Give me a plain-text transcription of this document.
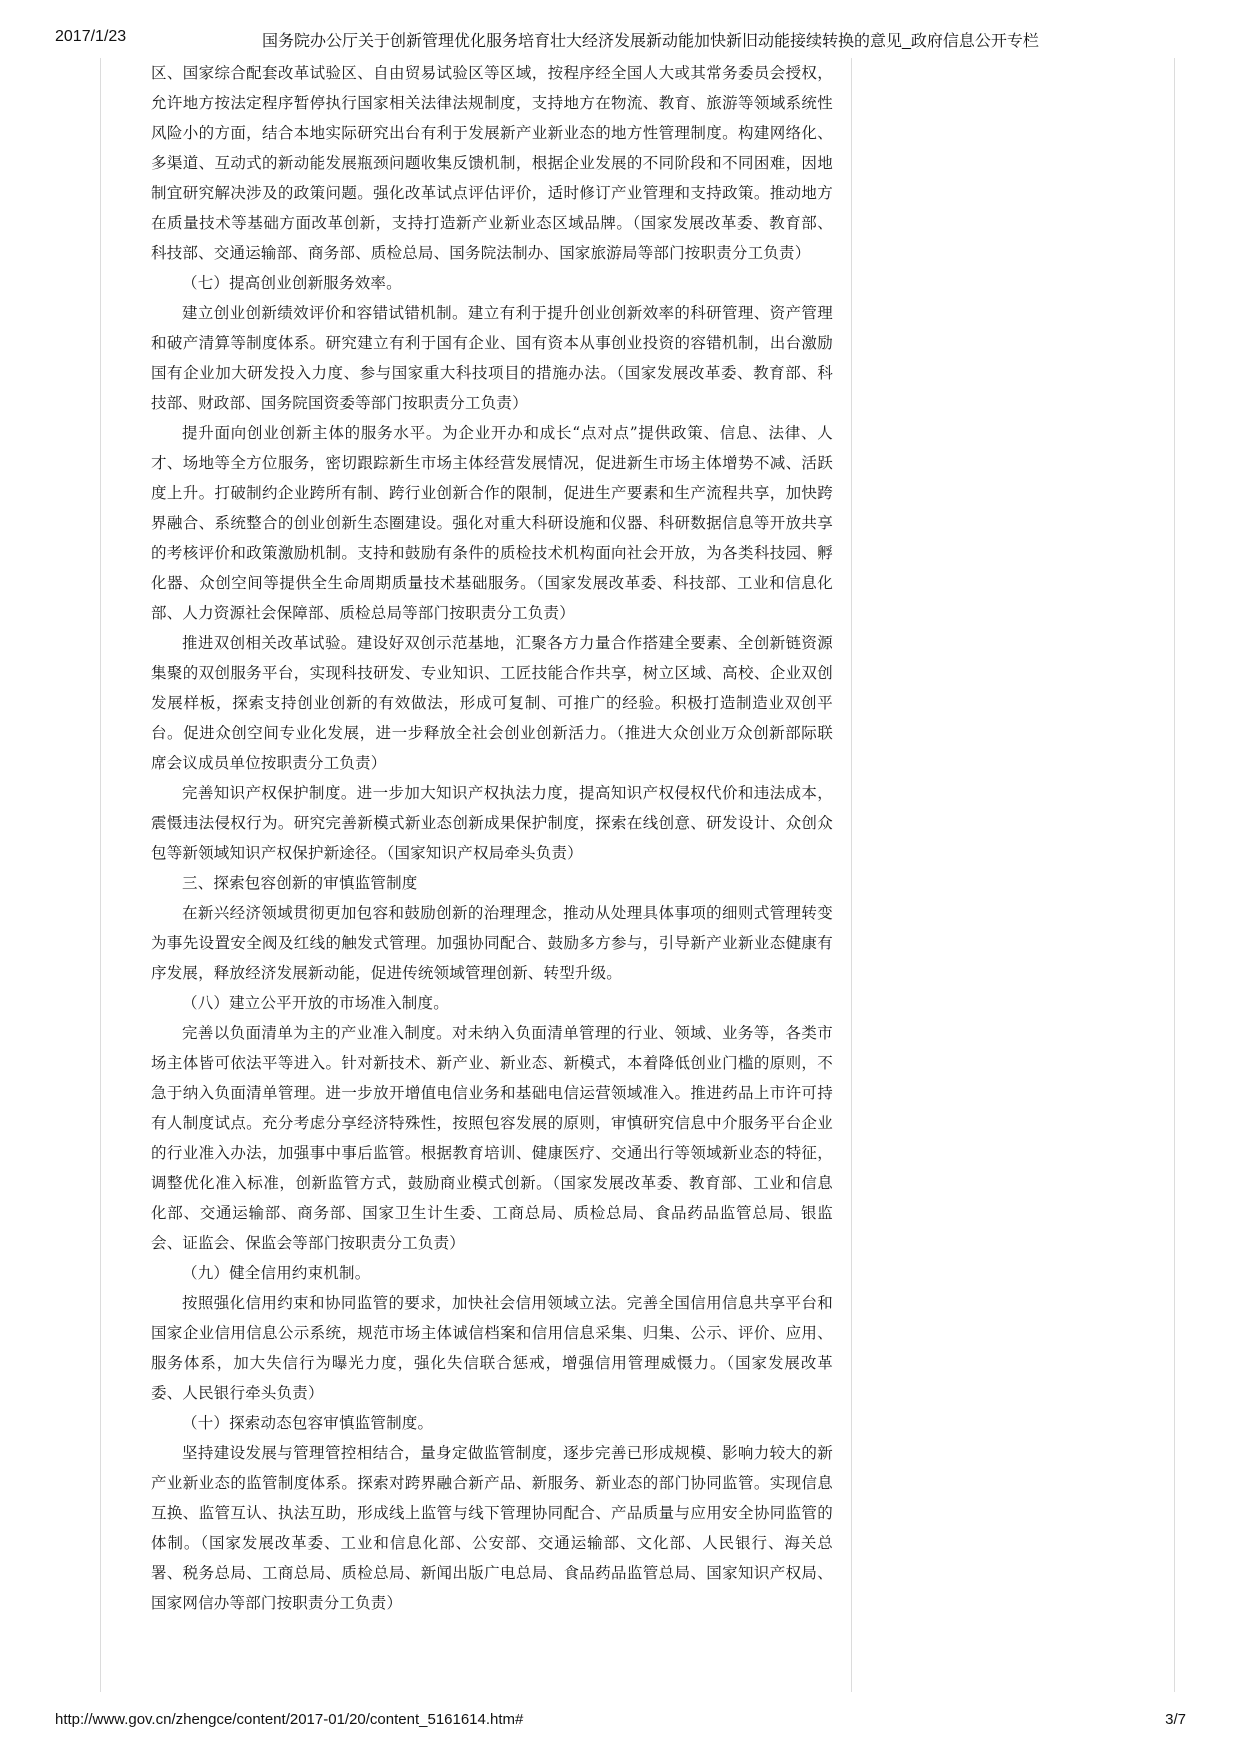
2017/1/23	国务院办公厅关于创新管理优化服务培育壮大经济发展新动能加快新旧动能接续转换的意见_政府信息公开专栏

区、国家综合配套改革试验区、自由贸易试验区等区域，按程序经全国人大或其常务委员会授权，允许地方按法定程序暂停执行国家相关法律法规制度，支持地方在物流、教育、旅游等领域系统性风险小的方面，结合本地实际研究出台有利于发展新产业新业态的地方性管理制度。构建网络化、多渠道、互动式的新动能发展瓶颈问题收集反馈机制，根据企业发展的不同阶段和不同困难，因地制宜研究解决涉及的政策问题。强化改革试点评估评价，适时修订产业管理和支持政策。推动地方在质量技术等基础方面改革创新，支持打造新产业新业态区域品牌。（国家发展改革委、教育部、科技部、交通运输部、商务部、质检总局、国务院法制办、国家旅游局等部门按职责分工负责）

（七）提高创业创新服务效率。

建立创业创新绩效评价和容错试错机制。建立有利于提升创业创新效率的科研管理、资产管理和破产清算等制度体系。研究建立有利于国有企业、国有资本从事创业投资的容错机制，出台激励国有企业加大研发投入力度、参与国家重大科技项目的措施办法。（国家发展改革委、教育部、科技部、财政部、国务院国资委等部门按职责分工负责）

提升面向创业创新主体的服务水平。为企业开办和成长“点对点”提供政策、信息、法律、人才、场地等全方位服务，密切跟踪新生市场主体经营发展情况，促进新生市场主体增势不减、活跃度上升。打破制约企业跨所有制、跨行业创新合作的限制，促进生产要素和生产流程共享，加快跨界融合、系统整合的创业创新生态圈建设。强化对重大科研设施和仪器、科研数据信息等开放共享的考核评价和政策激励机制。支持和鼓励有条件的质检技术机构面向社会开放，为各类科技园、孵化器、众创空间等提供全生命周期质量技术基础服务。（国家发展改革委、科技部、工业和信息化部、人力资源社会保障部、质检总局等部门按职责分工负责）

推进双创相关改革试验。建设好双创示范基地，汇聚各方力量合作搭建全要素、全创新链资源集聚的双创服务平台，实现科技研发、专业知识、工匠技能合作共享，树立区域、高校、企业双创发展样板，探索支持创业创新的有效做法，形成可复制、可推广的经验。积极打造制造业双创平台。促进众创空间专业化发展，进一步释放全社会创业创新活力。（推进大众创业万众创新部际联席会议成员单位按职责分工负责）

完善知识产权保护制度。进一步加大知识产权执法力度，提高知识产权侵权代价和违法成本，震慑违法侵权行为。研究完善新模式新业态创新成果保护制度，探索在线创意、研发设计、众创众包等新领域知识产权保护新途径。（国家知识产权局牵头负责）

三、探索包容创新的审慎监管制度

在新兴经济领域贯彻更加包容和鼓励创新的治理理念，推动从处理具体事项的细则式管理转变为事先设置安全阀及红线的触发式管理。加强协同配合、鼓励多方参与，引导新产业新业态健康有序发展，释放经济发展新动能，促进传统领域管理创新、转型升级。

（八）建立公平开放的市场准入制度。

完善以负面清单为主的产业准入制度。对未纳入负面清单管理的行业、领域、业务等，各类市场主体皆可依法平等进入。针对新技术、新产业、新业态、新模式，本着降低创业门槛的原则，不急于纳入负面清单管理。进一步放开增值电信业务和基础电信运营领域准入。推进药品上市许可持有人制度试点。充分考虑分享经济特殊性，按照包容发展的原则，审慎研究信息中介服务平台企业的行业准入办法，加强事中事后监管。根据教育培训、健康医疗、交通出行等领域新业态的特征，调整优化准入标准，创新监管方式，鼓励商业模式创新。（国家发展改革委、教育部、工业和信息化部、交通运输部、商务部、国家卫生计生委、工商总局、质检总局、食品药品监管总局、银监会、证监会、保监会等部门按职责分工负责）

（九）健全信用约束机制。

按照强化信用约束和协同监管的要求，加快社会信用领域立法。完善全国信用信息共享平台和国家企业信用信息公示系统，规范市场主体诚信档案和信用信息采集、归集、公示、评价、应用、服务体系，加大失信行为曝光力度，强化失信联合惩戒，增强信用管理威慑力。（国家发展改革委、人民银行牵头负责）

（十）探索动态包容审慎监管制度。

坚持建设发展与管理管控相结合，量身定做监管制度，逐步完善已形成规模、影响力较大的新产业新业态的监管制度体系。探索对跨界融合新产品、新服务、新业态的部门协同监管。实现信息互换、监管互认、执法互助，形成线上监管与线下管理协同配合、产品质量与应用安全协同监管的体制。（国家发展改革委、工业和信息化部、公安部、交通运输部、文化部、人民银行、海关总署、税务总局、工商总局、质检总局、新闻出版广电总局、食品药品监管总局、国家知识产权局、国家网信办等部门按职责分工负责）

http://www.gov.cn/zhengce/content/2017-01/20/content_5161614.htm#	3/7
